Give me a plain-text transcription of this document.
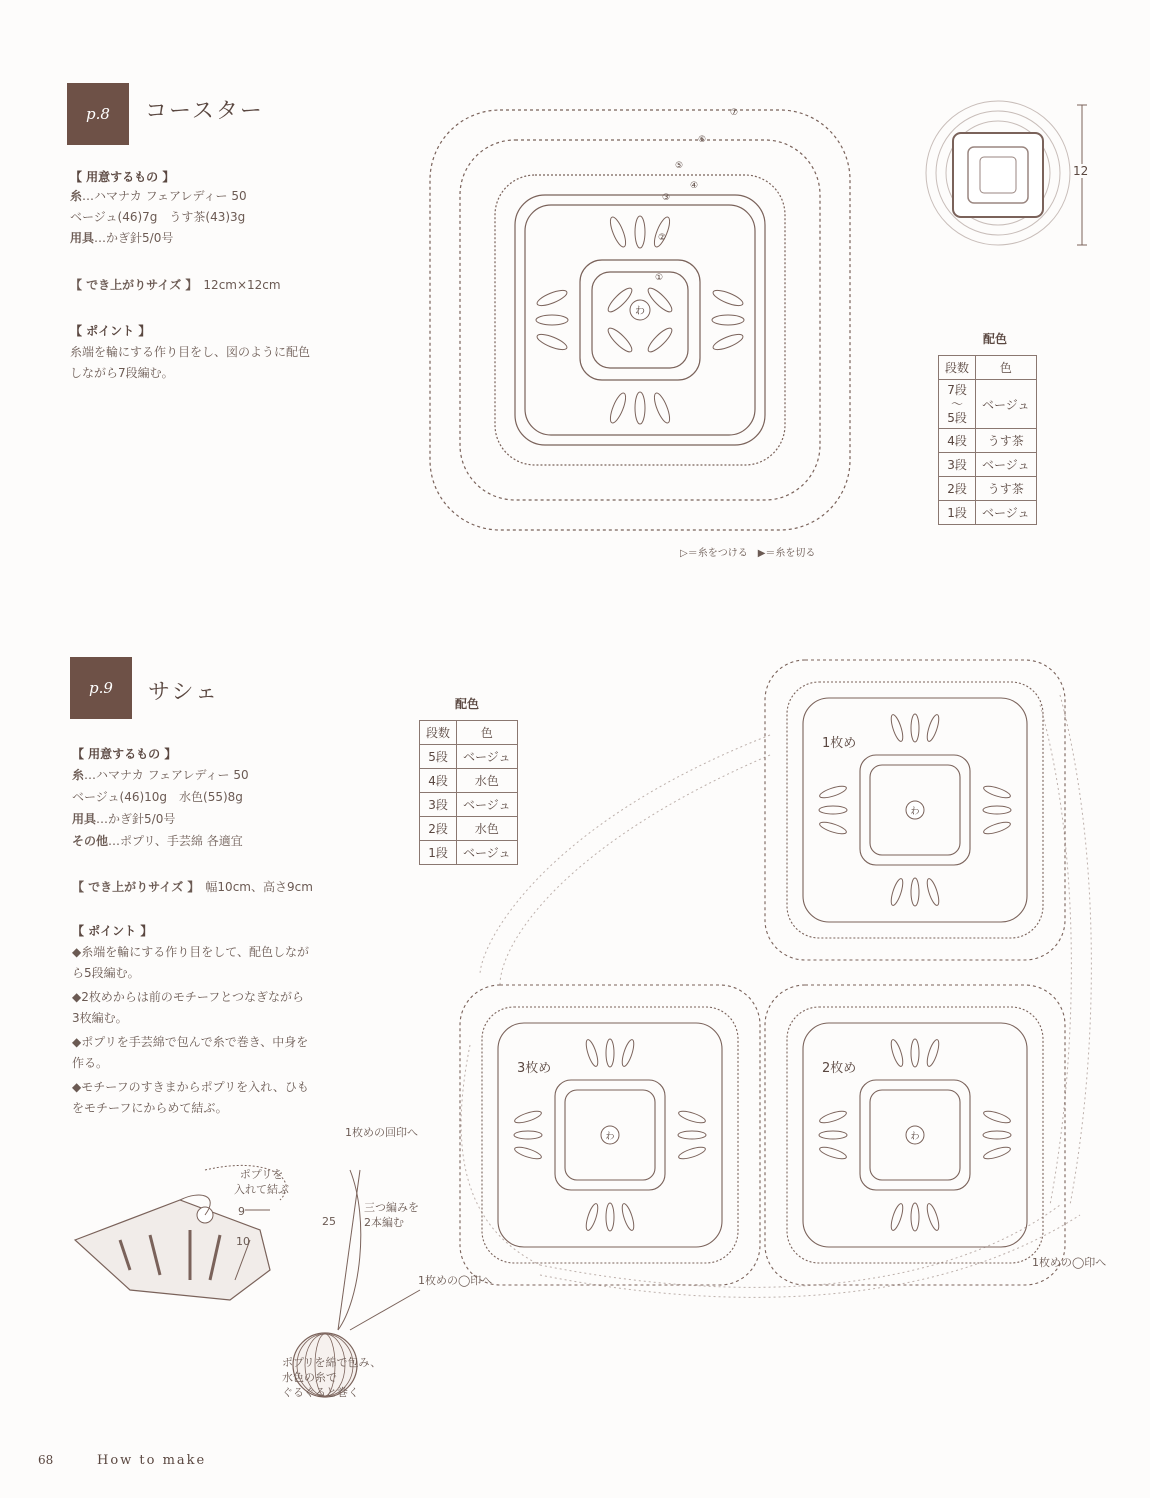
p.8 コースター
【 用意するもの 】
糸…ハマナカ フェアレディー 50
ベージュ(46)7g　うす茶(43)3g
用具…かぎ針5/0号
【 でき上がりサイズ 】　 12cm×12cm
【 ポイント 】
糸端を輪にする作り目をし、図のように配色
しながら7段編む。
わ
①
②
③
④
⑤
⑥
⑦
12
配色
段数	色
7段
〜
5段	ベージュ
4段	うす茶
3段	ベージュ
2段	うす茶
1段	ベージュ
▷＝糸をつける　▶＝糸を切る
p.9 サシェ
【 用意するもの 】
糸…ハマナカ フェアレディー 50
ベージュ(46)10g　水色(55)8g
用具…かぎ針5/0号
その他…ポプリ、手芸綿 各適宜
【 でき上がりサイズ 】　 幅10cm、高さ9cm
【 ポイント 】
◆糸端を輪にする作り目をして、配色しなが
ら5段編む。
◆2枚めからは前のモチーフとつなぎながら
3枚編む。
◆ポプリを手芸綿で包んで糸で巻き、中身を
作る。
◆モチーフのすきまからポプリを入れ、ひも
をモチーフにからめて結ぶ。
配色
段数	色
5段	ベージュ
4段	水色
3段	ベージュ
2段	水色
1段	ベージュ
わ
1枚め
わ
2枚め
わ
3枚め
1枚めの回印へ
1枚めの◯印へ
1枚めの◯印へ
ポプリを
入れて結ぶ
9
10
25
三つ編みを
2本編む
ポプリを綿で包み、
水色の糸で
ぐるぐると巻く
68	How to make
